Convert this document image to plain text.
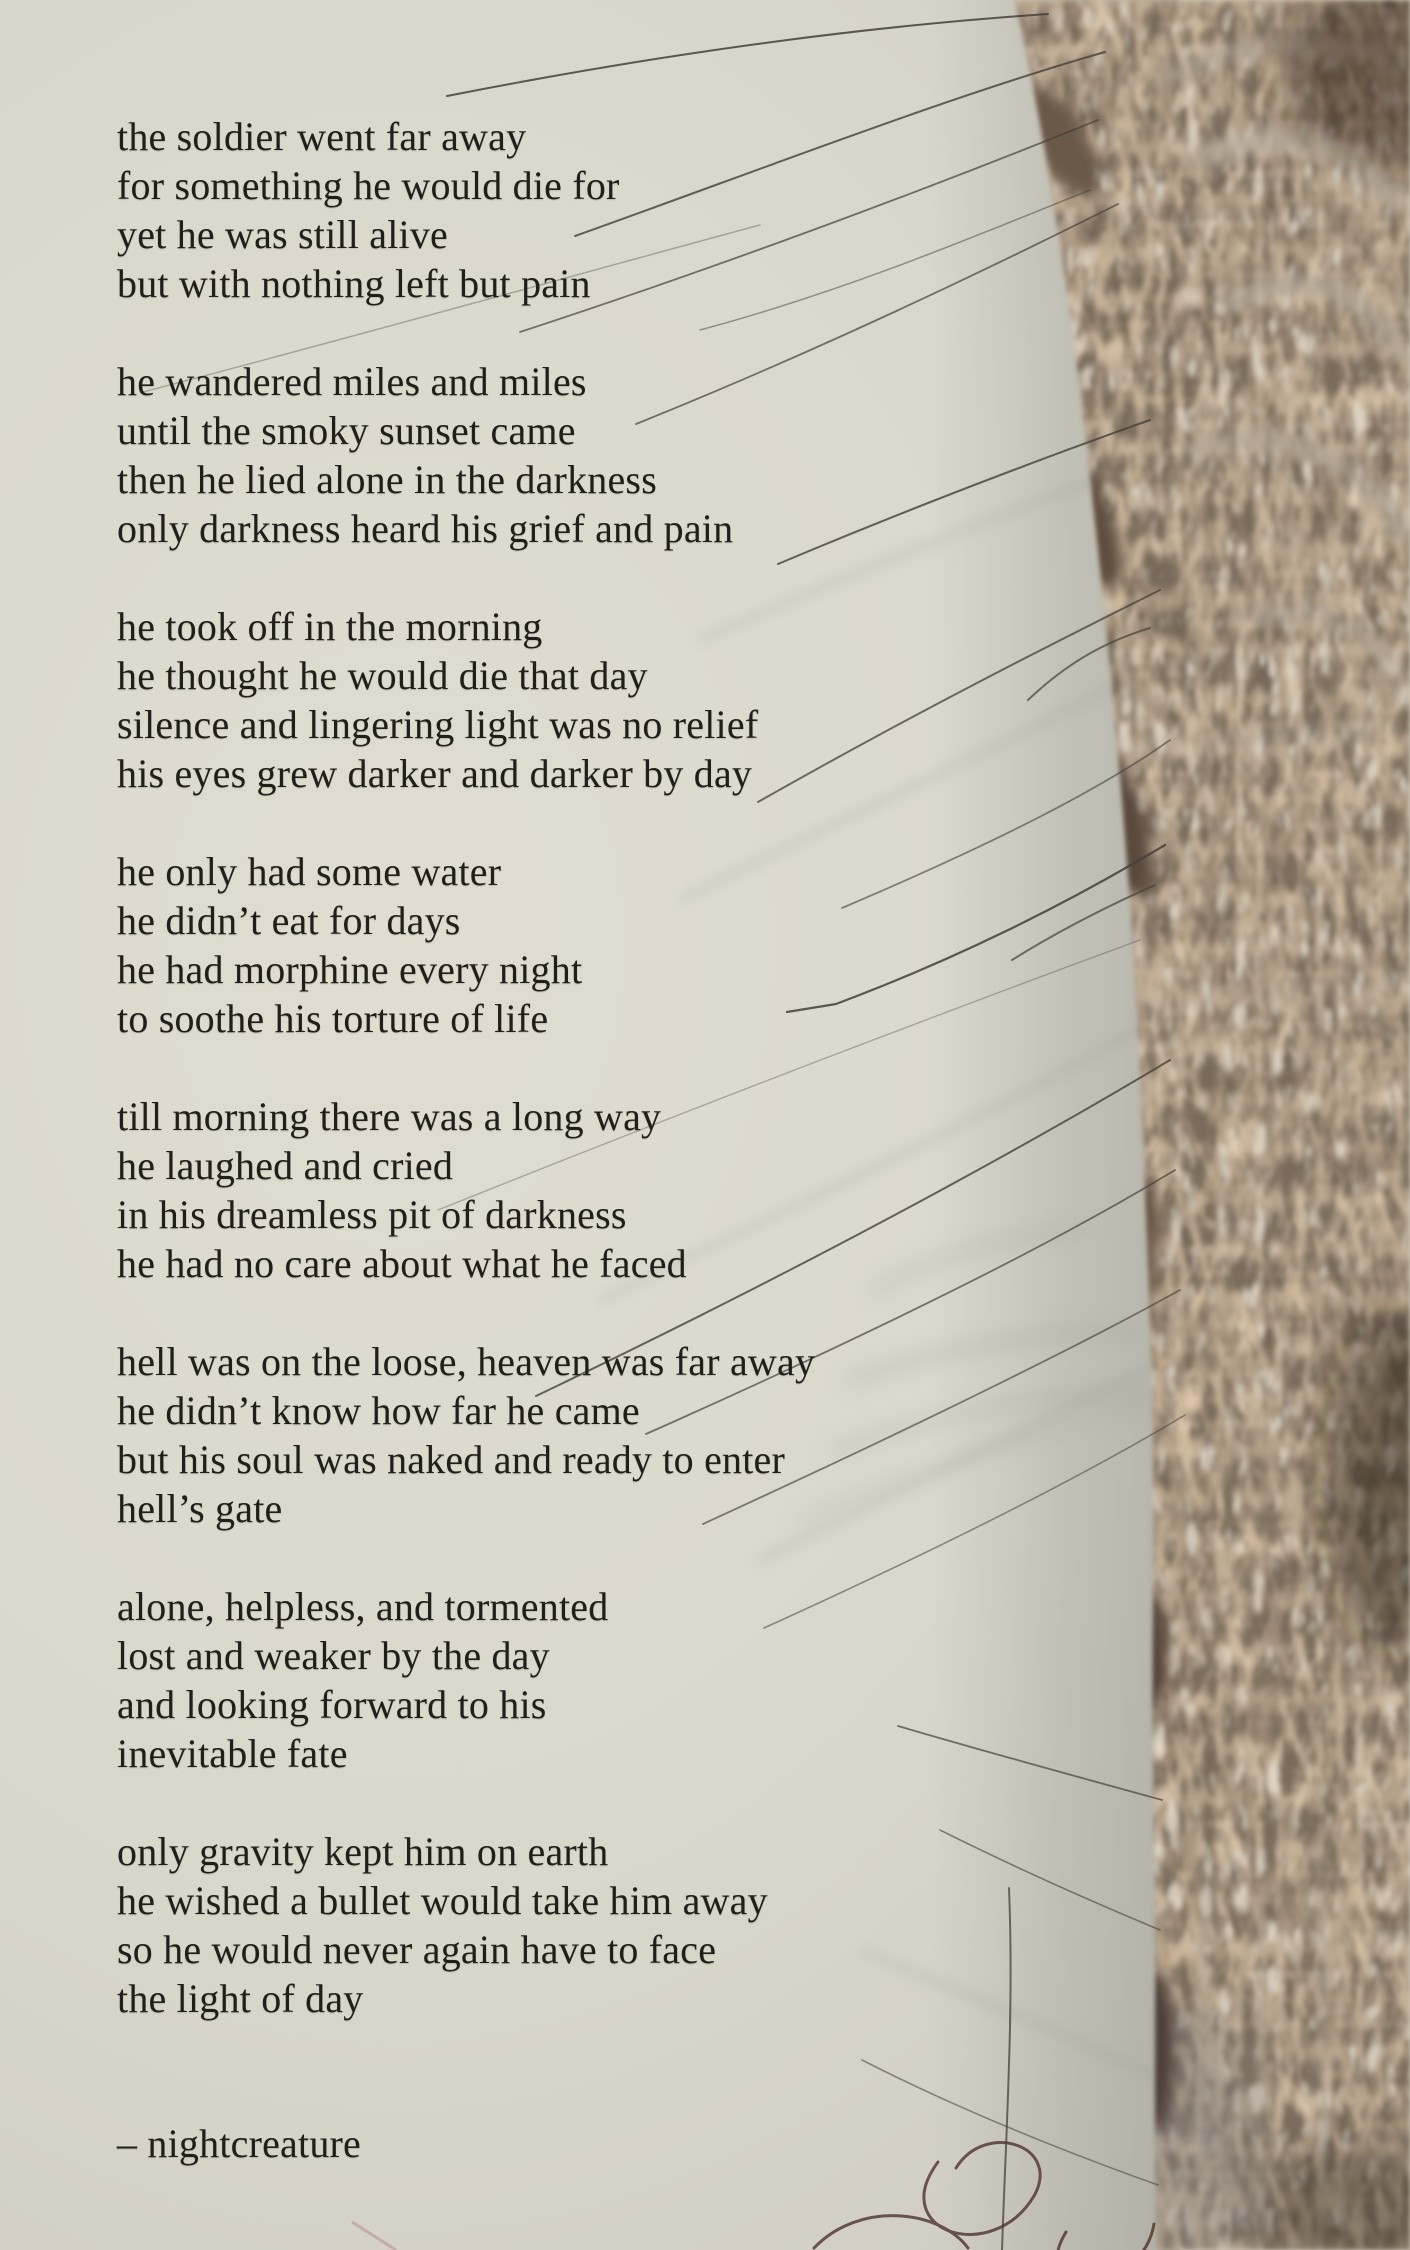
the soldier went far away
for something he would die for
yet he was still alive
but with nothing left but pain
he wandered miles and miles
until the smoky sunset came
then he lied alone in the darkness
only darkness heard his grief and pain
he took off in the morning
he thought he would die that day
silence and lingering light was no relief
his eyes grew darker and darker by day
he only had some water
he didn’t eat for days
he had morphine every night
to soothe his torture of life
till morning there was a long way
he laughed and cried
in his dreamless pit of darkness
he had no care about what he faced
hell was on the loose, heaven was far away
he didn’t know how far he came
but his soul was naked and ready to enter
hell’s gate
alone, helpless, and tormented
lost and weaker by the day
and looking forward to his
inevitable fate
only gravity kept him on earth
he wished a bullet would take him away
so he would never again have to face
the light of day

– nightcreature
